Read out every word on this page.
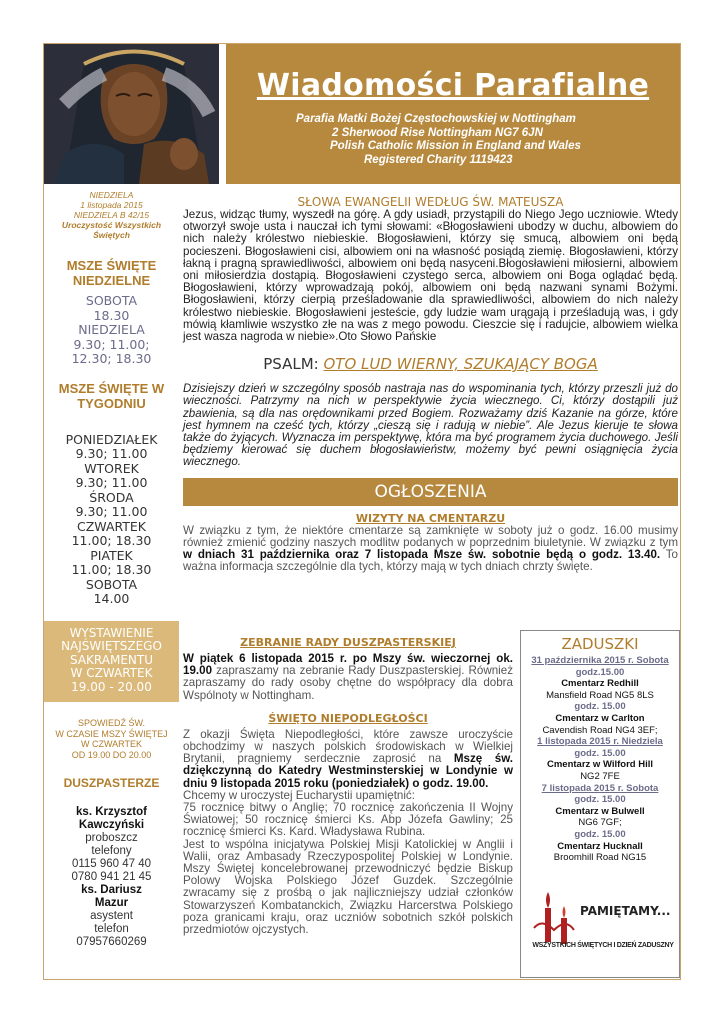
Wiadomości Parafialne
Parafia Matki Bożej Częstochowskiej w Nottingham
2 Sherwood Rise Nottingham NG7 6JN
Polish Catholic Mission in England and Wales
Registered Charity 1119423
NIEDZIELA
1 listopada 2015
NIEDZIELA B 42/15
Uroczystość Wszystkich Świętych
MSZE ŚWIĘTE NIEDZIELNE
SOBOTA
18.30
NIEDZIELA
9.30; 11.00;
12.30; 18.30
MSZE ŚWIĘTE W TYGODNIU
PONIEDZIAŁEK
9.30; 11.00
WTOREK
9.30; 11.00
ŚRODA
9.30; 11.00
CZWARTEK
11.00; 18.30
PIATEK
11.00; 18.30
SOBOTA
14.00
WYSTAWIENIE
NAJŚWIĘTSZEGO
SAKRAMENTU
W CZWARTEK
19.00 - 20.00
SPOWIEDŹ ŚW.
W CZASIE MSZY ŚWIĘTEJ
W CZWARTEK
OD 19.00 DO 20.00
DUSZPASTERZE
ks. Krzysztof
Kawczyński
proboszcz
telefony
0115 960 47 40
0780 941 21 45
ks. Dariusz
Mazur
asystent
telefon
07957660269
SŁOWA EWANGELII WEDŁUG ŚW. MATEUSZA
Jezus, widząc tłumy, wyszedł na górę. A gdy usiadł, przystąpili do Niego Jego uczniowie. Wtedy otworzył swoje usta i nauczał ich tymi słowami: «Błogosławieni ubodzy w duchu, albowiem do nich należy królestwo niebieskie. Błogosławieni, którzy się smucą, albowiem oni będą pocieszeni. Błogosławieni cisi, albowiem oni na własność posiądą ziemię. Błogosławieni, którzy łakną i pragną sprawiedliwości, albowiem oni będą nasyceni.Błogosławieni miłosierni, albowiem oni miłosierdzia dostąpią. Błogosławieni czystego serca, albowiem oni Boga oglądać będą. Błogosławieni, którzy wprowadzają pokój, albowiem oni będą nazwani synami Bożymi. Błogosławieni, którzy cierpią prześladowanie dla sprawiedliwości, albowiem do nich należy królestwo niebieskie. Błogosławieni jesteście, gdy ludzie wam urągają i prześladują was, i gdy mówią kłamliwie wszystko złe na was z mego powodu. Cieszcie się i radujcie, albowiem wielka jest wasza nagroda w niebie».Oto Słowo Pańskie
PSALM: OTO LUD WIERNY, SZUKAJĄCY BOGA
Dzisiejszy dzień w szczególny sposób nastraja nas do wspominania tych, którzy przeszli już do wieczności. Patrzymy na nich w perspektywie życia wiecznego. Ci, którzy dostąpili już zbawienia, są dla nas orędownikami przed Bogiem. Rozważamy dziś Kazanie na górze, które jest hymnem na cześć tych, którzy „cieszą się i radują w niebie”. Ale Jezus kieruje te słowa także do żyjących. Wyznacza im perspektywę, która ma być programem życia duchowego. Jeśli będziemy kierować się duchem błogosławieństw, możemy być pewni osiągnięcia życia wiecznego.
OGŁOSZENIA
WIZYTY NA CMENTARZU
W związku z tym, że niektóre cmentarze są zamknięte w soboty już o godz. 16.00 musimy również zmienić godziny naszych modlitw podanych w poprzednim biuletynie. W związku z tym w dniach 31 października oraz 7 listopada Msze św. sobotnie będą o godz. 13.40. To ważna informacja szczególnie dla tych, którzy mają w tych dniach chrzty święte.
ZEBRANIE RADY DUSZPASTERSKIEJ
W piątek 6 listopada 2015 r. po Mszy św. wieczornej ok. 19.00 zapraszamy na zebranie Rady Duszpasterskiej. Również zapraszamy do rady osoby chętne do współpracy dla dobra Wspólnoty w Nottingham.
ŚWIĘTO NIEPODLEGŁOŚCI
Z okazji Święta Niepodległości, które zawsze uroczyście obchodzimy w naszych polskich środowiskach w Wielkiej Brytanii, pragniemy serdecznie zaprosić na Mszę św. dziękczynną do Katedry Westminsterskiej w Londynie w dniu 9 listopada 2015 roku (poniedziałek) o godz. 19.00.
Chcemy w uroczystej Eucharystii upamiętnić:
75 rocznicę bitwy o Anglię; 70 rocznicę zakończenia II Wojny Światowej; 50 rocznicę śmierci Ks. Abp Józefa Gawliny; 25 rocznicę śmierci Ks. Kard. Władysława Rubina.
Jest to wspólna inicjatywa Polskiej Misji Katolickiej w Anglii i Walii, oraz Ambasady Rzeczypospolitej Polskiej w Londynie. Mszy Świętej koncelebrowanej przewodniczyć będzie Biskup Polowy Wojska Polskiego Józef Guzdek. Szczególnie zwracamy się z prośbą o jak najliczniejszy udział członków Stowarzyszeń Kombatanckich, Związku Harcerstwa Polskiego poza granicami kraju, oraz uczniów sobotnich szkół polskich przedmiotów ojczystych.
ZADUSZKI
31 października 2015 r. Sobota
godz.15.00
Cmentarz Redhill
Mansfield Road NG5 8LS
godz. 15.00
Cmentarz w Carlton
Cavendish Road NG4 3EF;
1 listopada 2015 r. Niedziela
godz. 15.00
Cmentarz w Wilford Hill
NG2 7FE
7 listopada 2015 r. Sobota
godz. 15.00
Cmentarz w Bulwell
NG6 7GF;
godz. 15.00
Cmentarz Hucknall
Broomhill Road NG15
PAMIĘTAMY...
WSZYSTKICH ŚWIĘTYCH I DZIEŃ ZADUSZNY
